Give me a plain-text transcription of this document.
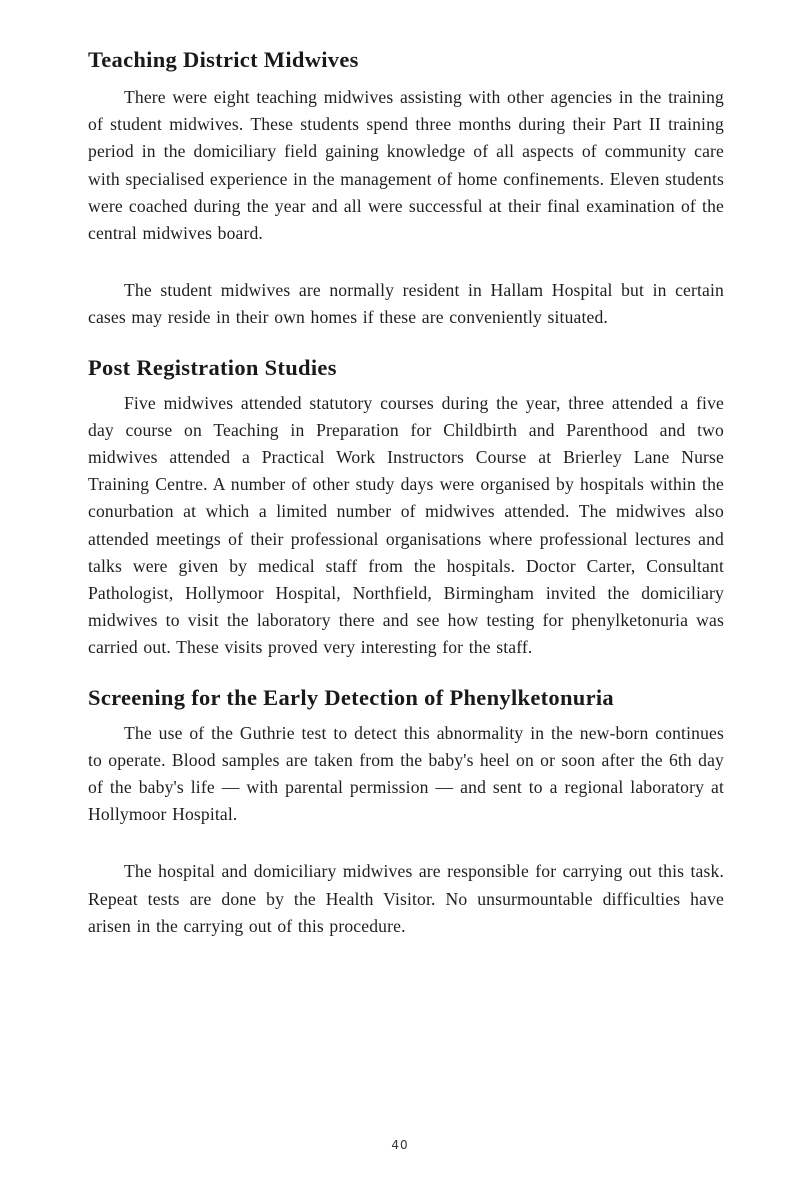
Teaching District Midwives

There were eight teaching midwives assisting with other agencies in the training of student midwives. These students spend three months during their Part II training period in the domiciliary field gaining knowledge of all aspects of community care with specialised experience in the management of home confinements. Eleven students were coached during the year and all were successful at their final examination of the central midwives board.

The student midwives are normally resident in Hallam Hospital but in certain cases may reside in their own homes if these are conveniently situated.

Post Registration Studies

Five midwives attended statutory courses during the year, three attended a five day course on Teaching in Preparation for Childbirth and Parenthood and two midwives attended a Practical Work Instructors Course at Brierley Lane Nurse Training Centre. A number of other study days were organised by hospitals within the conurbation at which a limited number of midwives attended. The midwives also attended meetings of their professional organisations where professional lectures and talks were given by medical staff from the hospitals. Doctor Carter, Consultant Pathologist, Hollymoor Hospital, Northfield, Birmingham invited the domiciliary midwives to visit the laboratory there and see how testing for phenylketonuria was carried out. These visits proved very interesting for the staff.

Screening for the Early Detection of Phenylketonuria

The use of the Guthrie test to detect this abnormality in the new-born continues to operate. Blood samples are taken from the baby's heel on or soon after the 6th day of the baby's life — with parental permission — and sent to a regional laboratory at Hollymoor Hospital.

The hospital and domiciliary midwives are responsible for carrying out this task. Repeat tests are done by the Health Visitor. No unsurmountable difficulties have arisen in the carrying out of this procedure.

40
